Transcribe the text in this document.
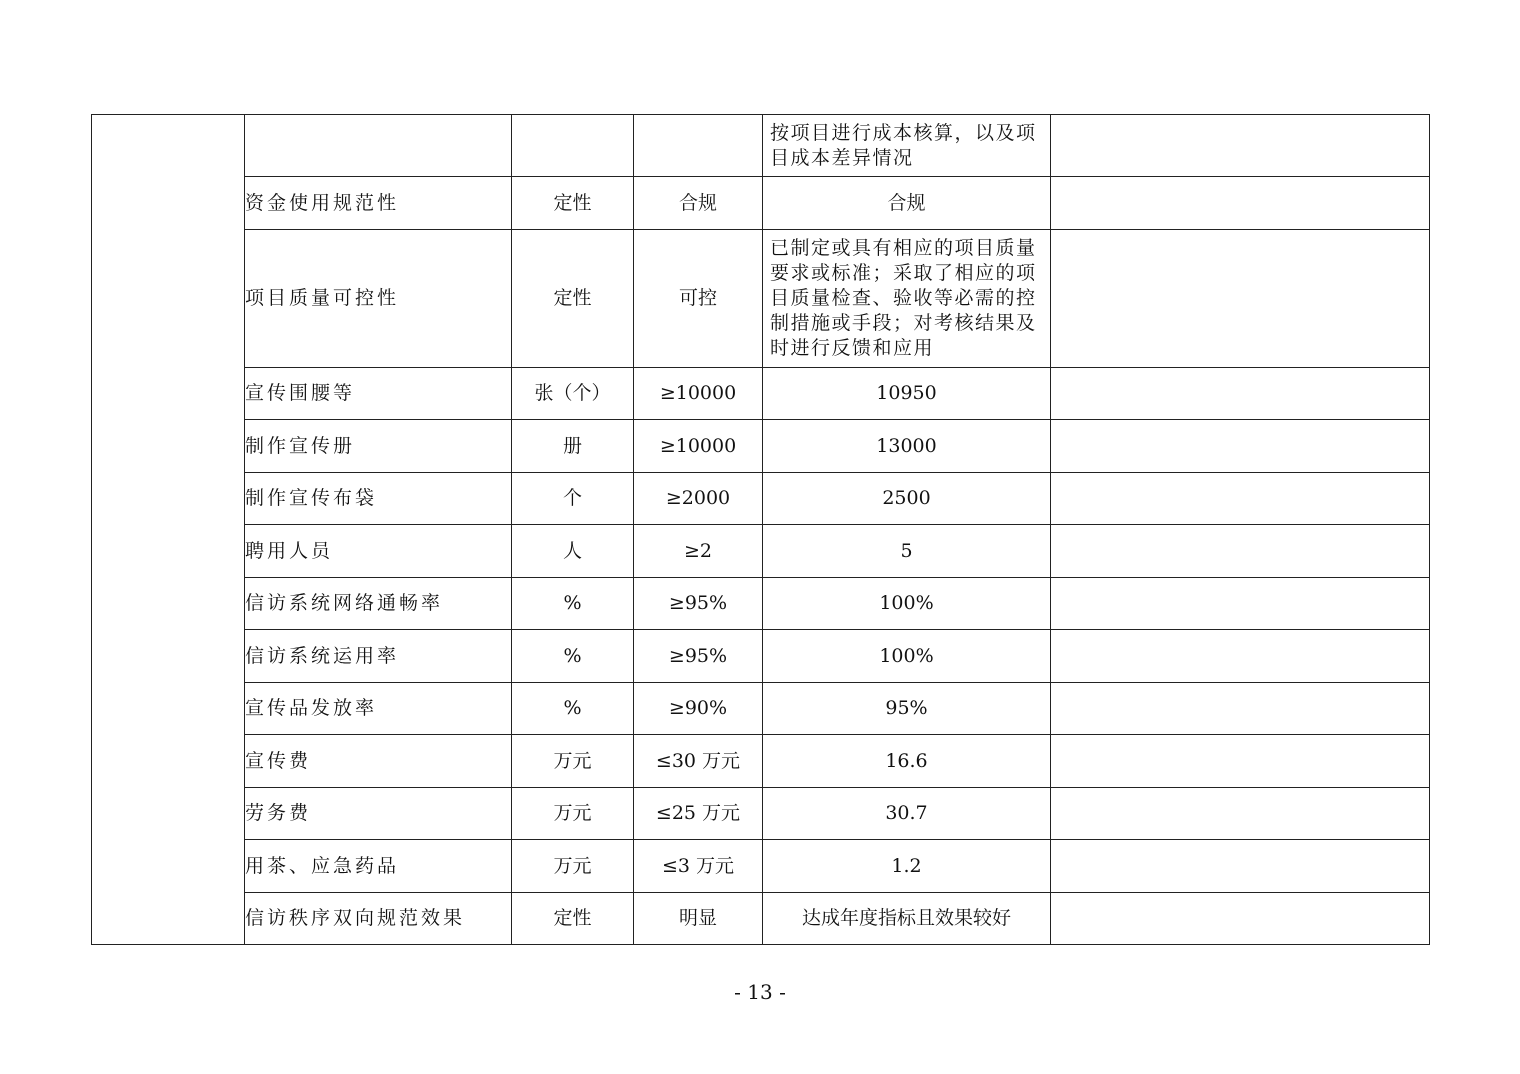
				按项目进行成本核算，以及项目成本差异情况	
	资金使用规范性	定性	合规	合规	
	项目质量可控性	定性	可控	已制定或具有相应的项目质量要求或标准；采取了相应的项目质量检查、验收等必需的控制措施或手段；对考核结果及时进行反馈和应用	
	宣传围腰等	张（个）	≥10000	10950	
	制作宣传册	册	≥10000	13000	
	制作宣传布袋	个	≥2000	2500	
	聘用人员	人	≥2	5	
	信访系统网络通畅率	%	≥95%	100%	
	信访系统运用率	%	≥95%	100%	
	宣传品发放率	%	≥90%	95%	
	宣传费	万元	≤30 万元	16.6	
	劳务费	万元	≤25 万元	30.7	
	用茶、应急药品	万元	≤3 万元	1.2	
	信访秩序双向规范效果	定性	明显	达成年度指标且效果较好	
- 13 -
